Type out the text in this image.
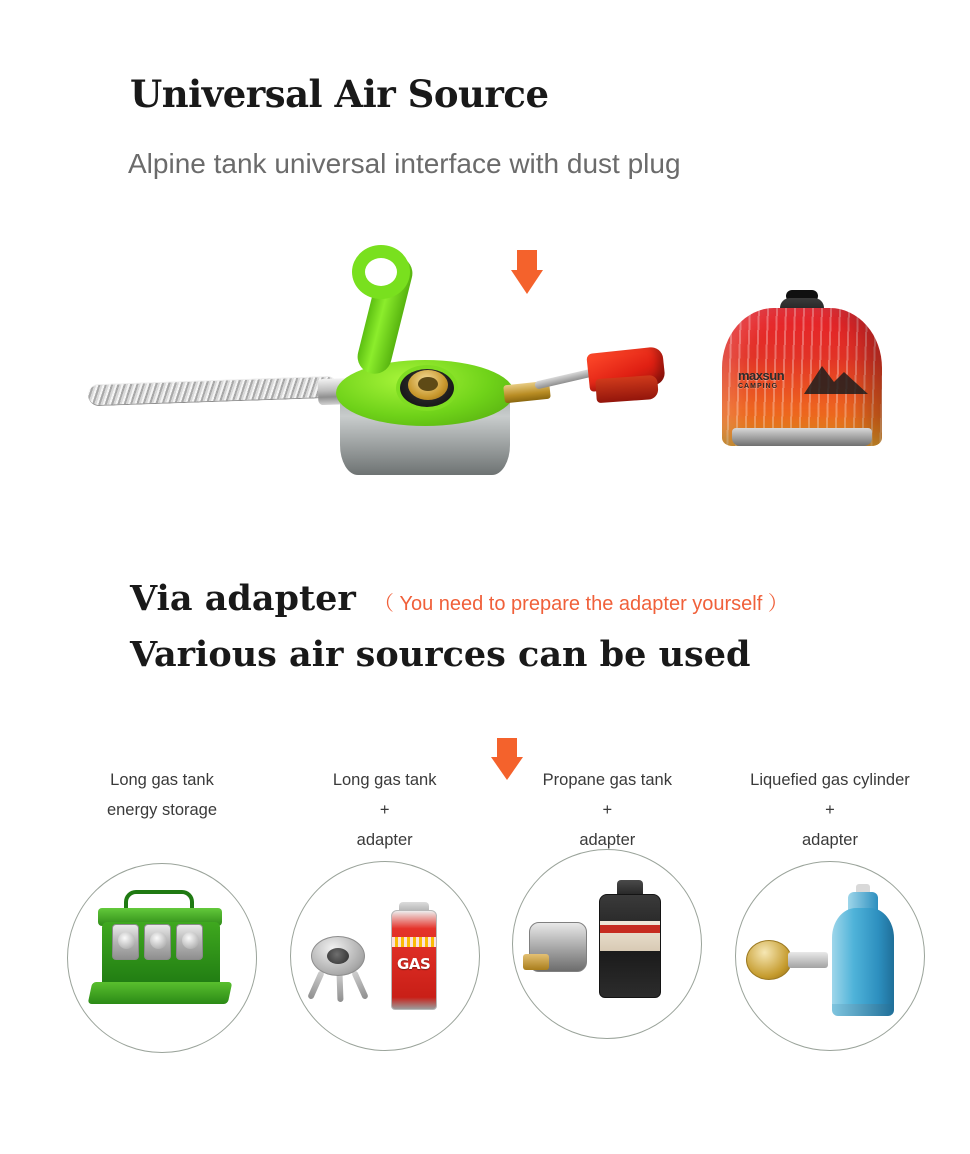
Universal Air Source
Alpine tank universal interface with dust plug
maxsun
CAMPING
Via adapter （ You need to prepare the adapter yourself ）
Various air sources can be used
Long gas tank
energy storage
Long gas tank
+
adapter
GAS
Propane gas tank
+
adapter
Liquefied gas cylinder
+
adapter
